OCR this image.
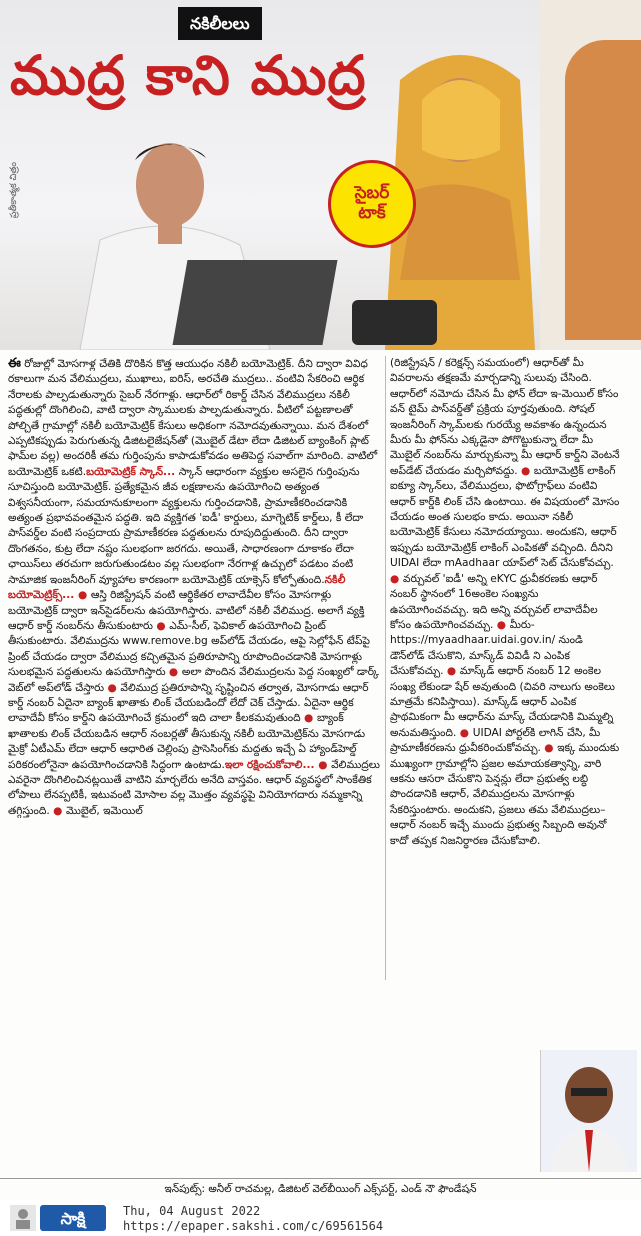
ప్రతీకాత్మక చిత్రం
నకిలీలలు
ముద్ర కాని ముద్ర
సైబర్
టాక్

ఈ రోజుల్లో మోసగాళ్ల చేతికి దొరికిన కొత్త ఆయుధం నకిలీ బయోమెట్రిక్. దీని ద్వారా వివిధ రకాలుగా మన వేలిముద్రలు, ముఖాలు, ఐరిస్, అరచేతి ముద్రలు.. వంటివి సేకరించి ఆర్థిక నేరాలకు పాల్పడుతున్నారు సైబర్ నేరగాళ్లు. ఆధార్‌లో రికార్డ్ చేసిన వేలిముద్రలు నకిలీ పద్ధతుల్లో దొంగిలించి, వాటి ద్వారా స్కాములకు పాల్పడుతున్నారు. వీటిలో పట్టణాలతో పోల్చితే గ్రామాల్లో నకిలీ బయోమెట్రిక్ కేసులు అధికంగా నమోదవుతున్నాయి. మన దేశంలో ఎప్పటికప్పుడు పెరుగుతున్న డిజిటలైజేషన్‌తో (మొబైల్ డేటా లేదా డిజిటల్ బ్యాంకింగ్ ప్లాట్ ఫామ్‌ల వల్ల) అందరికీ తమ గుర్తింపును కాపాడుకోవడం అతిపెద్ద సవాల్‌గా మారింది. వాటిలో బయోమెట్రిక్ ఒకటి.బయోమెట్రిక్ స్కాన్... స్కాన్ ఆధారంగా వ్యక్తుల అసలైన గుర్తింపును సూచిస్తుంది బయోమెట్రిక్. ప్రత్యేకమైన జీవ లక్షణాలను ఉపయోగించి అత్యంత విశ్వసనీయంగా, సమయానుకూలంగా వ్యక్తులను గుర్తించడానికి, ప్రామాణీకరించడానికి అత్యంత ప్రభావవంతమైన పద్ధతి. ఇది వ్యక్తిగత 'ఐడీ' కార్డులు, మాగ్నెటిక్ కార్డ్‌లు, కీ లేదా పాస్‌వర్డ్‌ల వంటి సంప్రదాయ ప్రామాణీకరణ పద్ధతులను రూపుదిద్దుతుంది. దీని ద్వారా దొంగతనం, కుట్ర లేదా నష్టం సులభంగా జరగదు. అయితే, సాధారణంగా దూకాకం లేదా ఛాయిస్‌లు తరచుగా జరుగుతుండటం వల్ల సులభంగా నేరగాళ్ల ఉచ్చులో పడటం వంటి సామాజిక ఇంజనీరింగ్ వ్యూహాల కారణంగా బయోమెట్రిక్ యాక్సెస్ కోల్పోతుంది.నకిలీ బయోమెట్రిక్స్... ● ఆస్తి రిజిస్ట్రేషన్ వంటి ఆర్థికేతర లావాదేవీల కోసం మోసగాళ్లు బయోమెట్రిక్ ద్వారా ఇన్‌సైడర్‌లను ఉపయోగిస్తారు. వాటిలో నకిలీ వేలిముద్ర. అలాగే వ్యక్తి ఆధార్ కార్డ్ నంబర్‌ను తీసుకుంటారు ● ఎమ్-సీల్, ఫెవికాల్ ఉపయోగించి ప్రింట్ తీసుకుంటారు. వేలిముద్రను www.remove.bg అప్‌లోడ్ చేయడం, ఆపై సెల్లోఫేన్ టేప్‌పై ప్రింట్ చేయడం ద్వారా వేలిముద్ర కచ్చితమైన ప్రతిరూపాన్ని రూపొందించడానికి మోసగాళ్లు సులభమైన పద్ధతులను ఉపయోగిస్తారు ● అలా పొందిన వేలిముద్రలను పెద్ద సంఖ్యలో డార్క్ వెబ్‌లో అప్‌లోడ్ చేస్తారు ● వేలిముద్ర ప్రతిరూపాన్ని సృష్టించిన తర్వాత, మోసగాడు ఆధార్ కార్డ్ నంబర్ ఏదైనా బ్యాంక్ ఖాతాకు లింక్ చేయబడిందో లేదో చెక్ చేస్తాడు. ఏదైనా ఆర్థిక లావాదేవీ కోసం కార్డ్‌ని ఉపయోగించే క్రమంలో ఇది చాలా కీలకమవుతుంది ● బ్యాంక్ ఖాతాలకు లింక్ చేయబడిన ఆధార్ నంబర్లతో తీసుకున్న నకిలీ బయోమెట్రిక్‌ను మోసగాడు మైక్రో ఏటీఎమ్ లేదా ఆధార్ ఆధారిత చెల్లింపు ప్రాసెసింగ్‌కు మద్దతు ఇచ్చే ఏ హ్యాండ్‌హెల్డ్ పరికరంలోనైనా ఉపయోగించడానికి సిద్ధంగా ఉంటాడు.ఇలా రక్షించుకోవాలి... ● వేలిముద్రలు ఎవరైనా దొంగిలించినట్లయితే వాటిని మార్చలేరు అనేది వాస్తవం. ఆధార్ వ్యవస్థలో సాంకేతిక లోపాలు లేనప్పటికీ, ఇటువంటి మోసాల వల్ల మొత్తం వ్యవస్థపై వినియోగదారు నమ్మకాన్ని తగ్గిస్తుంది. ● మొబైల్, ఇమెయిల్

(రిజిస్ట్రేషన్ / కరెక్షన్స్ సమయంలో) ఆధార్‌తో మీ వివరాలను తక్షణమే మార్చడాన్ని సులువు చేసింది. ఆధార్‌లో నమోదు చేసిన మీ ఫోన్ లేదా ఇ-మెయిల్ కోసం వన్ టైమ్ పాస్‌వర్డ్‌తో ప్రక్రియ పూర్తవుతుంది. సోషల్ ఇంజనీరింగ్ స్కామ్‌లకు గురయ్యే అవకాశం ఉన్నందున మీరు మీ ఫోన్‌ను ఎక్కడైనా పోగొట్టుకున్నా లేదా మీ మొబైల్ నంబర్‌ను మార్చుకున్నా మీ ఆధార్ కార్డ్‌ని వెంటనే అప్‌డేట్ చేయడం మర్చిపోవద్దు. ● బయోమెట్రిక్ లాకింగ్ ఐక్యూ స్కాన్‌లు, వేలిముద్రలు, ఫొటోగ్రాఫ్‌లు వంటివి ఆధార్ కార్డ్‌కి లింక్ చేసి ఉంటాయి. ఈ విషయంలో మోసం చేయడం అంత సులభం కాదు. అయినా నకిలీ బయోమెట్రిక్ కేసులు నమోదయ్యాయి. అందుకని, ఆధార్ ఇప్పుడు బయోమెట్రిక్ లాకింగ్ ఎంపికతో వచ్చింది. దీనిని UIDAI లేదా mAadhaar యాప్‌లో సెట్ చేసుకోవచ్చు. ● వర్చువల్ 'ఐడీ' అన్ని eKYC ధ్రువీకరణకు ఆధార్ నంబర్ స్థానంలో 16అంకెల సంఖ్యను ఉపయోగించవచ్చు. ఇది అన్ని వర్చువల్ లావాదేవీల కోసం ఉపయోగించవచ్చు. ● మీరు-https://myaadhaar.uidai.gov.in/ నుండి డౌన్‌లోడ్ చేసుకొని, మాస్క్‌డ్ వివిడీ ని ఎంపిక చేసుకోవచ్చు. ● మాస్క్‌డ్ ఆధార్ నంబర్ 12 అంకెల సంఖ్య లేకుండా షేర్ అవుతుంది (చివరి నాలుగు అంకెలు మాత్రమే కనిపిస్తాయి). మాస్క్‌డ్ ఆధార్ ఎంపిక ప్రాథమికంగా మీ ఆధార్‌ను మాస్క్ చేయడానికి మిమ్మల్ని అనుమతిస్తుంది. ● UIDAI పోర్టల్‌కి లాగిన్ చేసి, మీ ప్రామాణీకరణను ధ్రువీకరించుకోవచ్చు. ● ఇక్క ముందుకు ముఖ్యంగా గ్రామాల్లోని ప్రజల అమాయకత్వాన్ని, వారి ఆకను ఆసరా చేసుకొని పెన్షన్లు లేదా ప్రభుత్వ లబ్ధి పొందడానికి ఆధార్, వేలిముద్రలను మోసగాళ్లు సేకరిస్తుంటారు. అందుకని, ప్రజలు తమ వేలిముద్రలు–ఆధార్ నంబర్ ఇచ్చే ముందు ప్రభుత్వ సిబ్బంది అవునో కాదో తప్పక నిజనిర్ధారణ చేసుకోవాలి.

ఇన్‌పుట్స్: అనీల్ రాచమల్ల, డిజిటల్ వెల్‌బీయింగ్ ఎక్స్‌పర్ట్, ఎండ్ నౌ ఫౌండేషన్
సాక్షి	Thu, 04 August 2022
https://epaper.sakshi.com/c/69561564
